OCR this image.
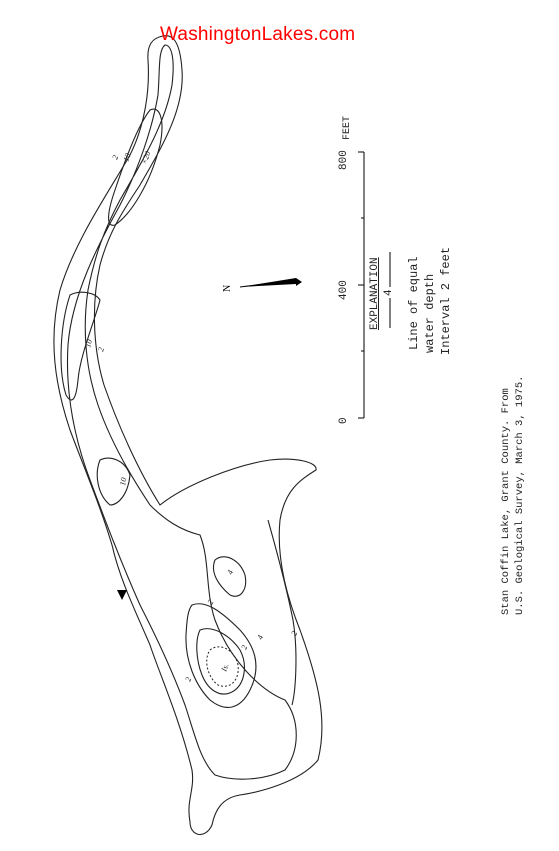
2 10 ×20
2
10
10
4
2
2
4
2
2
Is.
N
WashingtonLakes.com
0
400
800
FEET
EXPLANATION 4 Line of equal water depth Interval 2 feet
Stan Coffin Lake, Grant County. From U.S. Geological Survey, March 3, 1975.
